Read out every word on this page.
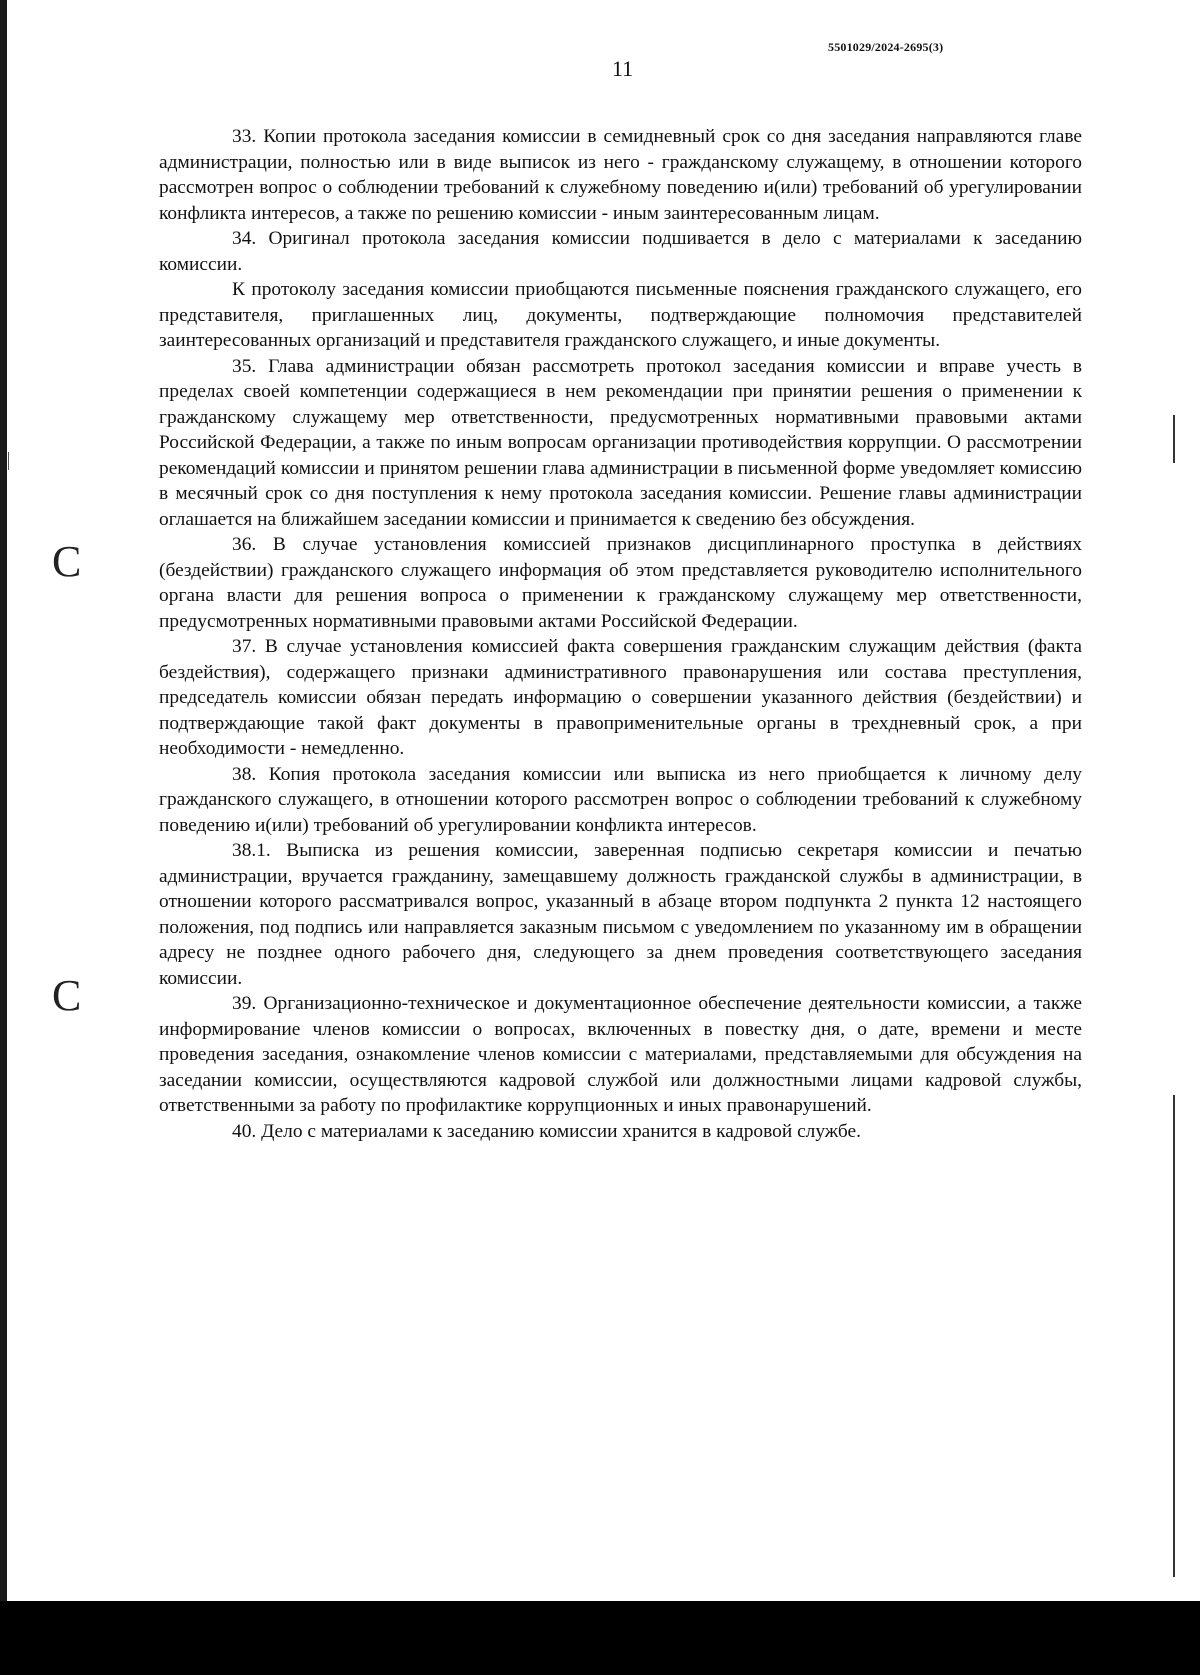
C
C
5501029/2024-2695(3)
11

33. Копии протокола заседания комиссии в семидневный срок со дня заседания направляются главе администрации, полностью или в виде выписок из него - гражданскому служащему, в отношении которого рассмотрен вопрос о соблюдении требований к служебному поведению и(или) требований об урегулировании конфликта интересов, а также по решению комиссии - иным заинтересованным лицам.

34. Оригинал протокола заседания комиссии подшивается в дело с материалами к заседанию комиссии.

К протоколу заседания комиссии приобщаются письменные пояснения гражданского служащего, его представителя, приглашенных лиц, документы, подтверждающие полномочия представителей заинтересованных организаций и представителя гражданского служащего, и иные документы.

35. Глава администрации обязан рассмотреть протокол заседания комиссии и вправе учесть в пределах своей компетенции содержащиеся в нем рекомендации при принятии решения о применении к гражданскому служащему мер ответственности, предусмотренных нормативными правовыми актами Российской Федерации, а также по иным вопросам организации противодействия коррупции. О рассмотрении рекомендаций комиссии и принятом решении глава администрации в письменной форме уведомляет комиссию в месячный срок со дня поступления к нему протокола заседания комиссии. Решение главы администрации оглашается на ближайшем заседании комиссии и принимается к сведению без обсуждения.

36. В случае установления комиссией признаков дисциплинарного проступка в действиях (бездействии) гражданского служащего информация об этом представляется руководителю исполнительного органа власти для решения вопроса о применении к гражданскому служащему мер ответственности, предусмотренных нормативными правовыми актами Российской Федерации.

37. В случае установления комиссией факта совершения гражданским служащим действия (факта бездействия), содержащего признаки административного правонарушения или состава преступления, председатель комиссии обязан передать информацию о совершении указанного действия (бездействии) и подтверждающие такой факт документы в правоприменительные органы в трехдневный срок, а при необходимости - немедленно.

38. Копия протокола заседания комиссии или выписка из него приобщается к личному делу гражданского служащего, в отношении которого рассмотрен вопрос о соблюдении требований к служебному поведению и(или) требований об урегулировании конфликта интересов.

38.1. Выписка из решения комиссии, заверенная подписью секретаря комиссии и печатью администрации, вручается гражданину, замещавшему должность гражданской службы в администрации, в отношении которого рассматривался вопрос, указанный в абзаце втором подпункта 2 пункта 12 настоящего положения, под подпись или направляется заказным письмом с уведомлением по указанному им в обращении адресу не позднее одного рабочего дня, следующего за днем проведения соответствующего заседания комиссии.

39. Организационно-техническое и документационное обеспечение деятельности комиссии, а также информирование членов комиссии о вопросах, включенных в повестку дня, о дате, времени и месте проведения заседания, ознакомление членов комиссии с материалами, представляемыми для обсуждения на заседании комиссии, осуществляются кадровой службой или должностными лицами кадровой службы, ответственными за работу по профилактике коррупционных и иных правонарушений.

40. Дело с материалами к заседанию комиссии хранится в кадровой службе.
